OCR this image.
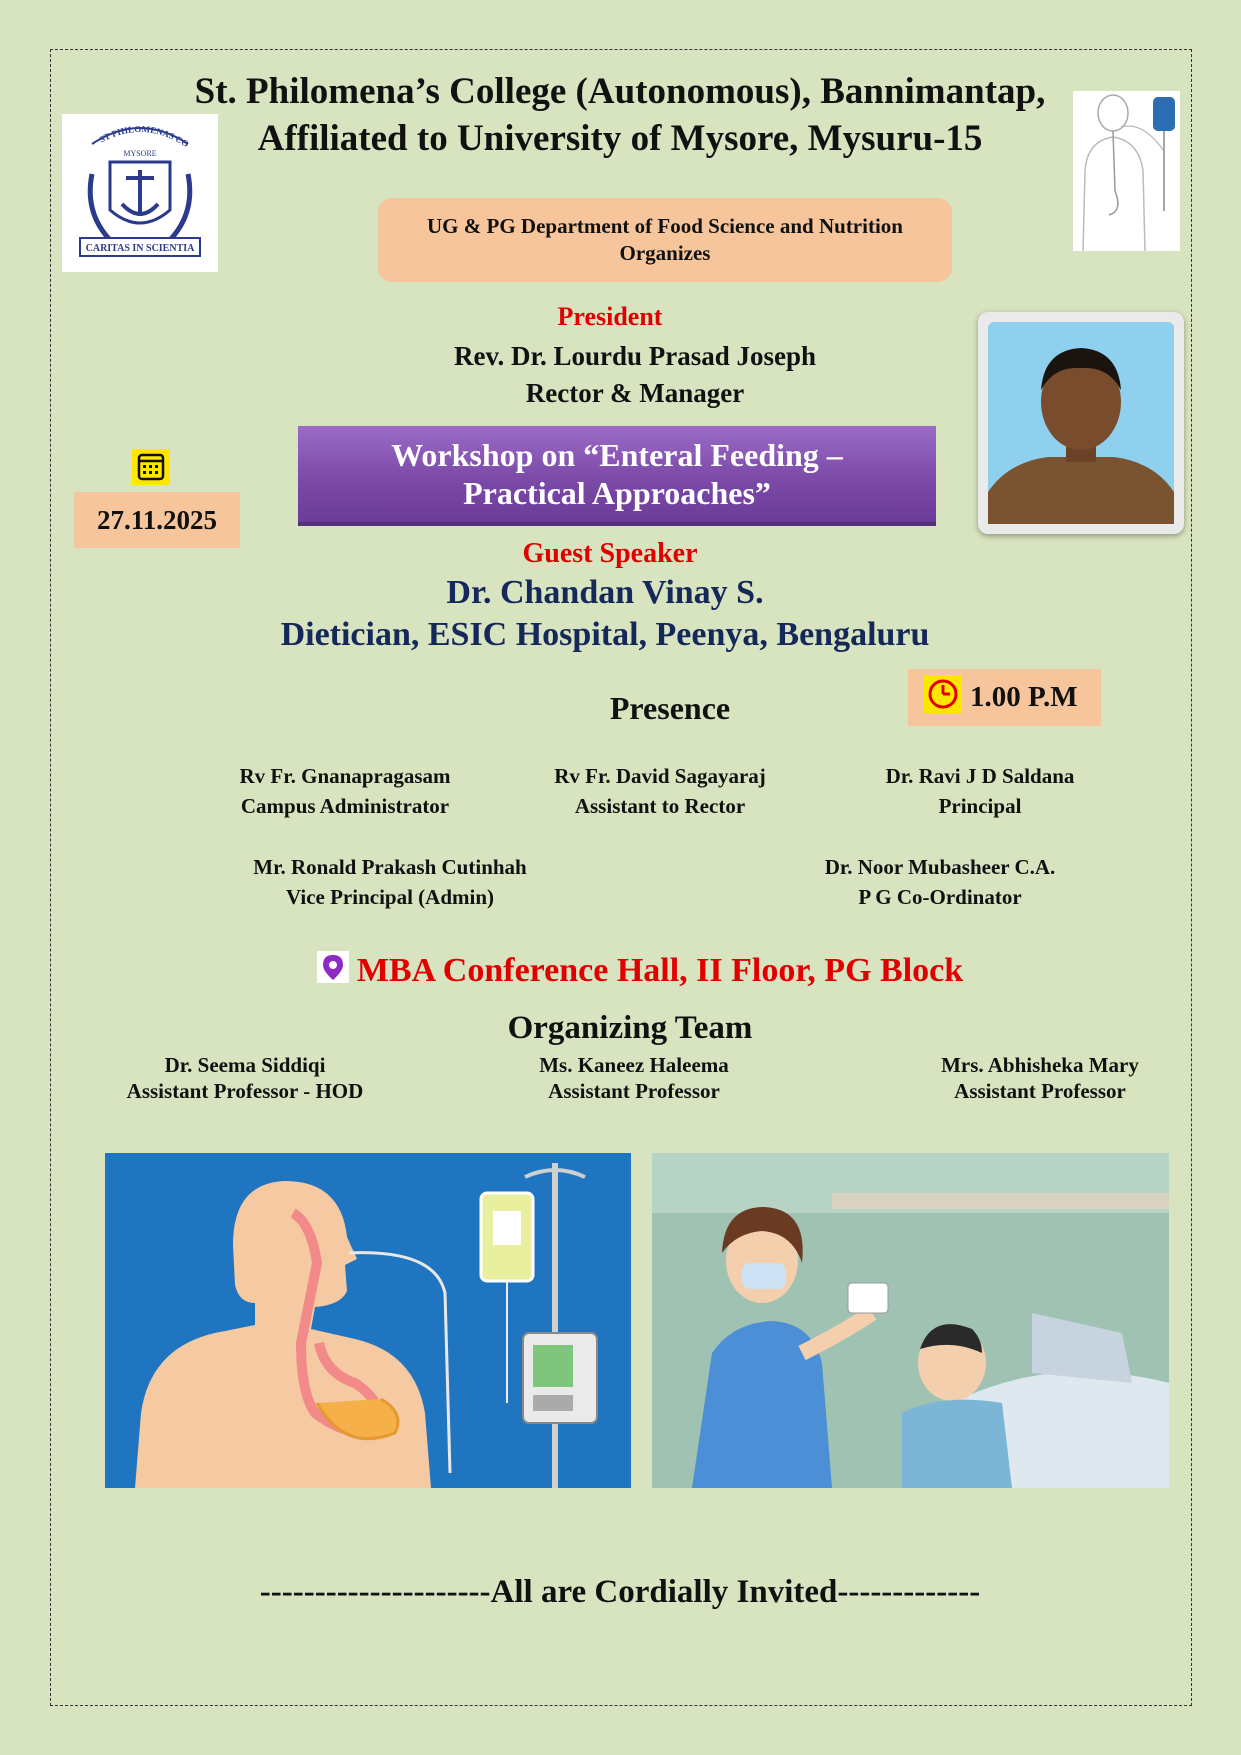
St. Philomena’s College (Autonomous), Bannimantap,
Affiliated to University of Mysore, Mysuru-15
ST PHILOMENAS CO
MYSORE
CARITAS IN SCIENTIA
UG & PG Department of Food Science and Nutrition
Organizes
President
Rev. Dr. Lourdu Prasad Joseph
Rector & Manager
Workshop on “Enteral Feeding –
Practical Approaches”
27.11.2025
Guest Speaker
Dr. Chandan Vinay S.
Dietician, ESIC Hospital, Peenya, Bengaluru
1.00 P.M
Presence
Rv Fr. Gnanapragasam
Campus Administrator
Rv Fr. David Sagayaraj
Assistant to Rector
Dr. Ravi J D Saldana
Principal
Mr. Ronald Prakash Cutinhah
Vice Principal (Admin)
Dr. Noor Mubasheer C.A.
P G Co-Ordinator
MBA Conference Hall, II Floor, PG Block
Organizing Team
Dr. Seema Siddiqi
Assistant Professor - HOD
Ms. Kaneez Haleema
Assistant Professor
Mrs. Abhisheka Mary
Assistant Professor
---------------------All are Cordially Invited-------------
